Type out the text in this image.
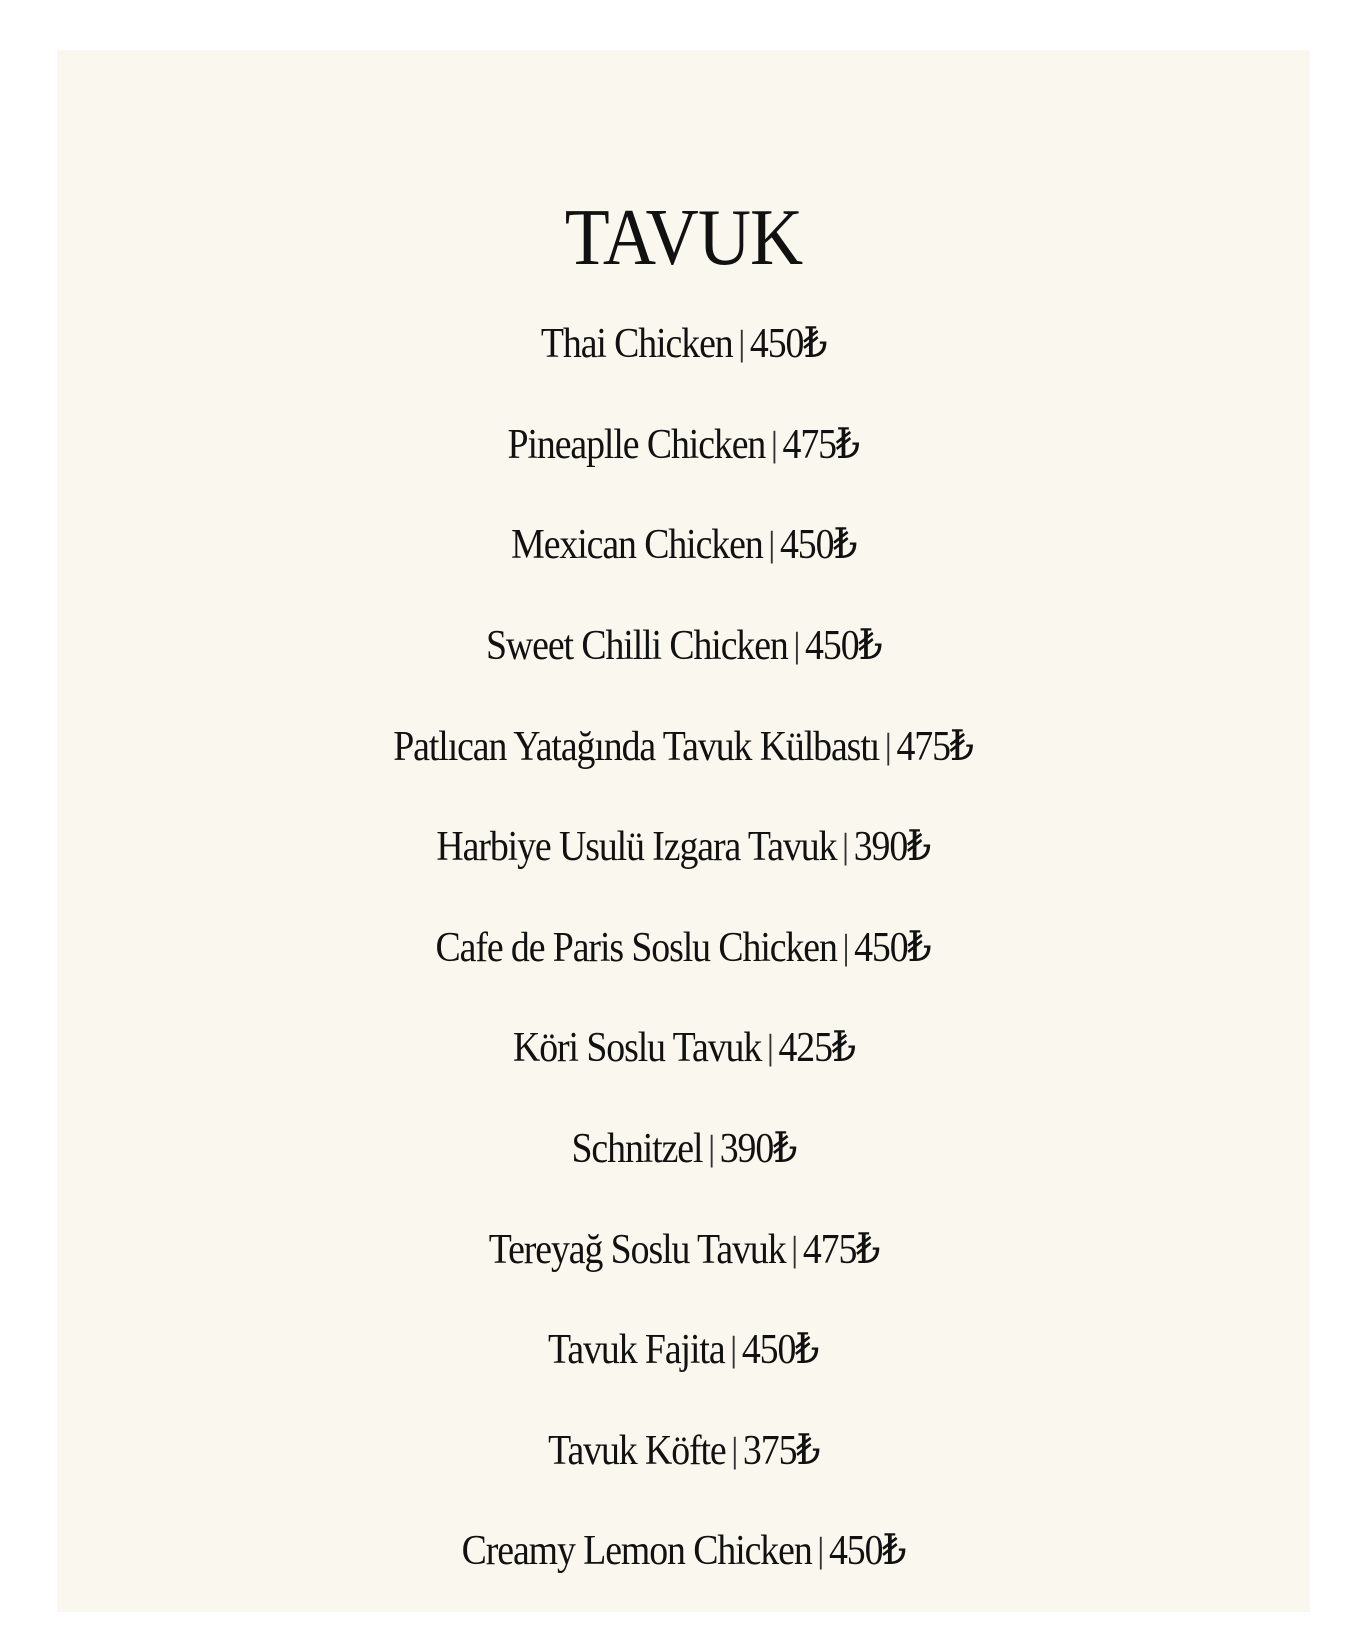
TAVUK
Thai Chicken | 450₺
Pineaplle Chicken | 475₺
Mexican Chicken | 450₺
Sweet Chilli Chicken | 450₺
Patlıcan Yatağında Tavuk Külbastı | 475₺
Harbiye Usulü Izgara Tavuk | 390₺
Cafe de Paris Soslu Chicken | 450₺
Köri Soslu Tavuk | 425₺
Schnitzel | 390₺
Tereyağ Soslu Tavuk | 475₺
Tavuk Fajita | 450₺
Tavuk Köfte | 375₺
Creamy Lemon Chicken | 450₺
